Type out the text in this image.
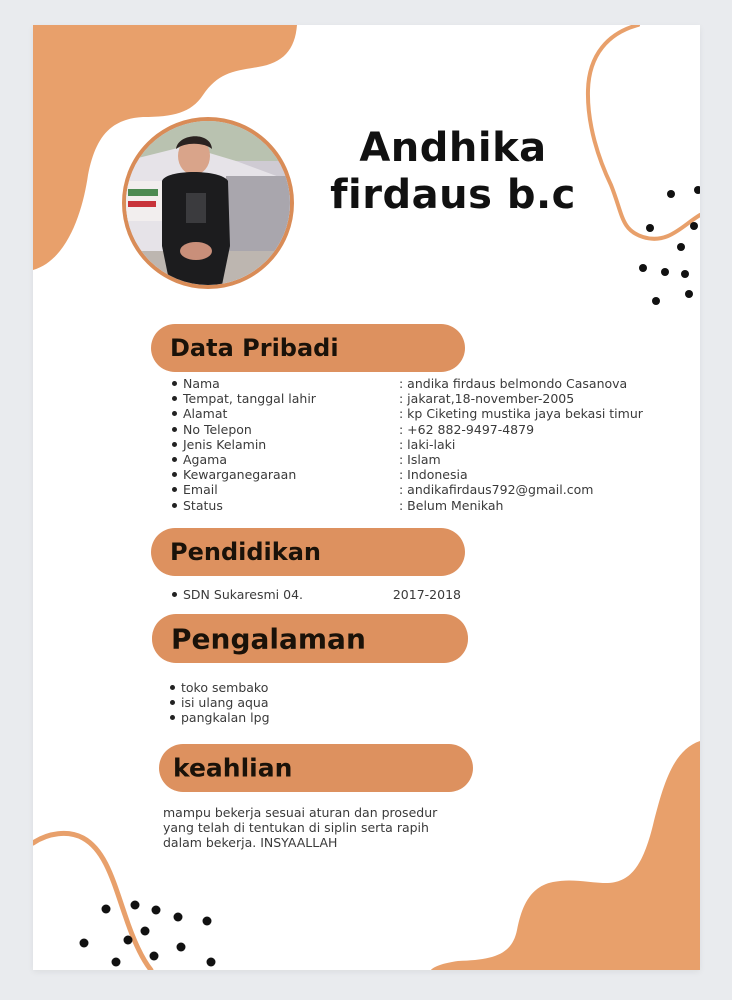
Andhika
firdaus b.c
Data Pribadi
Nama	: andika firdaus belmondo Casanova
Tempat, tanggal lahir	: jakarat,18-november-2005
Alamat	: kp Ciketing mustika jaya bekasi timur
No Telepon	: +62 882-9497-4879
Jenis Kelamin	: laki-laki
Agama	: Islam
Kewarganegaraan	: Indonesia
Email	: andikafirdaus792@gmail.com
Status	: Belum Menikah
Pendidikan
SDN Sukaresmi 04.	2017-2018
Pengalaman
toko sembako
isi ulang aqua
pangkalan lpg
keahlian
mampu bekerja sesuai aturan dan prosedur
yang telah di tentukan di siplin serta rapih
dalam bekerja. INSYAALLAH
